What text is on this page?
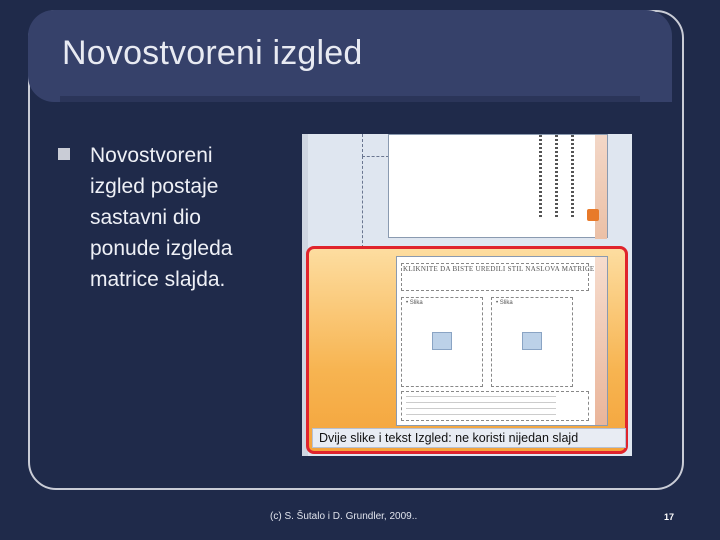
Novostvoreni izgled
Novostvoreni
izgled postaje
sastavni dio
ponude izgleda
matrice slajda.	KLIKNITE DA BISTE UREDILI STIL NASLOVA MATRICE
• Slika	• Slika
Dvije slike i tekst Izgled: ne koristi nijedan slajd
(c) S. Šutalo i D. Grundler, 2009..	17
